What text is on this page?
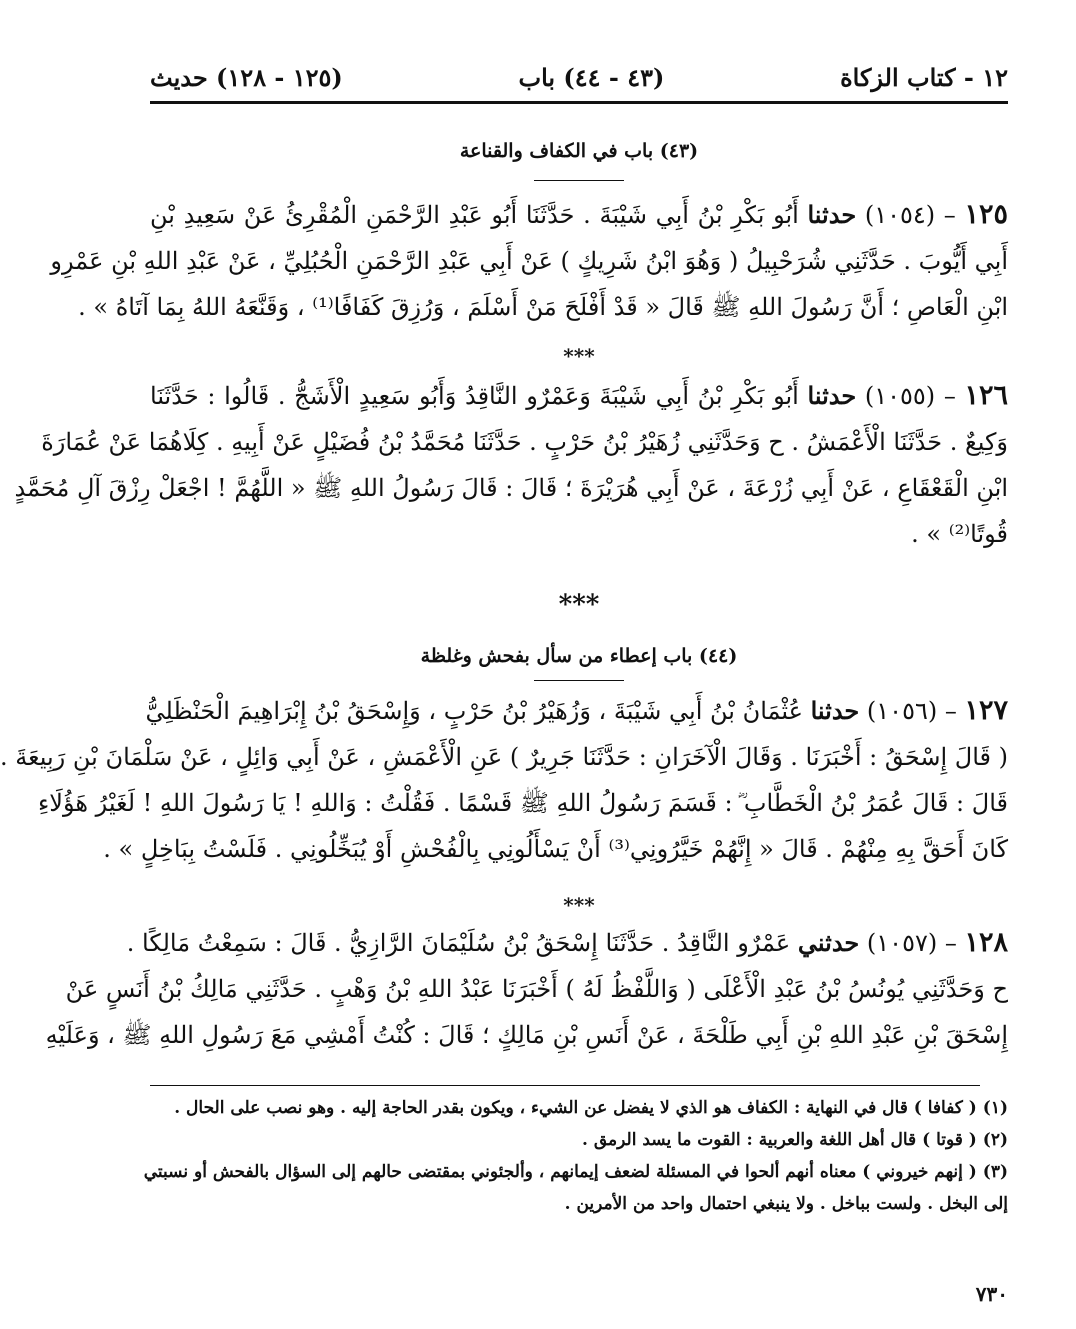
١٢ - كتاب الزكاة
(٤٣ - ٤٤) باب
(١٢٥ - ١٢٨) حديث
(٤٣) باب في الكفاف والقناعة
١٢٥ – (١٠٥٤) حدثنا أَبُو بَكْرِ بْنُ أَبِي شَيْبَةَ . حَدَّثَنَا أَبُو عَبْدِ الرَّحْمَنِ الْمُقْرِئُ عَنْ سَعِيدِ بْنِ
أَبِي أَيُّوبَ . حَدَّثَنِي شُرَحْبِيلُ ( وَهُوَ ابْنُ شَرِيكٍ ) عَنْ أَبِي عَبْدِ الرَّحْمَنِ الْحُبُلِيِّ ، عَنْ عَبْدِ اللهِ بْنِ عَمْرِو
ابْنِ الْعَاصِ ؛ أَنَّ رَسُولَ اللهِ ﷺ قَالَ « قَدْ أَفْلَحَ مَنْ أَسْلَمَ ، وَرُزِقَ كَفَافًا⁽¹⁾ ، وَقَنَّعَهُ اللهُ بِمَا آتَاهُ » .
***
١٢٦ – (١٠٥٥) حدثنا أَبُو بَكْرِ بْنُ أَبِي شَيْبَةَ وَعَمْرٌو النَّاقِدُ وَأَبُو سَعِيدٍ الْأَشَجُّ . قَالُوا : حَدَّثَنَا
وَكِيعٌ . حَدَّثَنَا الْأَعْمَشُ . ح وَحَدَّثَنِي زُهَيْرُ بْنُ حَرْبٍ . حَدَّثَنَا مُحَمَّدُ بْنُ فُضَيْلٍ عَنْ أَبِيهِ . كِلَاهُمَا عَنْ عُمَارَةَ
ابْنِ الْقَعْقَاعِ ، عَنْ أَبِي زُرْعَةَ ، عَنْ أَبِي هُرَيْرَةَ ؛ قَالَ : قَالَ رَسُولُ اللهِ ﷺ « اللَّهُمَّ ! اجْعَلْ رِزْقَ آلِ مُحَمَّدٍ
قُوتًا⁽²⁾ » .
***
(٤٤) باب إعطاء من سأل بفحش وغلظة
١٢٧ – (١٠٥٦) حدثنا عُثْمَانُ بْنُ أَبِي شَيْبَةَ ، وَزُهَيْرُ بْنُ حَرْبٍ ، وَإِسْحَقُ بْنُ إِبْرَاهِيمَ الْحَنْظَلِيُّ
( قَالَ إِسْحَقُ : أَخْبَرَنَا . وَقَالَ الْآخَرَانِ : حَدَّثَنَا جَرِيرٌ ) عَنِ الْأَعْمَشِ ، عَنْ أَبِي وَائِلٍ ، عَنْ سَلْمَانَ بْنِ رَبِيعَةَ .
قَالَ : قَالَ عُمَرُ بْنُ الْخَطَّابِ ؓ : قَسَمَ رَسُولُ اللهِ ﷺ قَسْمًا . فَقُلْتُ : وَاللهِ ! يَا رَسُولَ اللهِ ! لَغَيْرُ هَؤُلَاءِ
كَانَ أَحَقَّ بِهِ مِنْهُمْ . قَالَ « إِنَّهُمْ خَيَّرُونِي⁽³⁾ أَنْ يَسْأَلُونِي بِالْفُحْشِ أَوْ يُبَخِّلُونِي . فَلَسْتُ بِبَاخِلٍ » .
***
١٢٨ – (١٠٥٧) حدثني عَمْرٌو النَّاقِدُ . حَدَّثَنَا إِسْحَقُ بْنُ سُلَيْمَانَ الرَّازِيُّ . قَالَ : سَمِعْتُ مَالِكًا .
ح وَحَدَّثَنِي يُونُسُ بْنُ عَبْدِ الْأَعْلَى ( وَاللَّفْظُ لَهُ ) أَخْبَرَنَا عَبْدُ اللهِ بْنُ وَهْبٍ . حَدَّثَنِي مَالِكُ بْنُ أَنَسٍ عَنْ
إِسْحَقَ بْنِ عَبْدِ اللهِ بْنِ أَبِي طَلْحَةَ ، عَنْ أَنَسِ بْنِ مَالِكٍ ؛ قَالَ : كُنْتُ أَمْشِي مَعَ رَسُولِ اللهِ ﷺ ، وَعَلَيْهِ
(١) ( كفافا ) قال في النهاية : الكفاف هو الذي لا يفضل عن الشيء ، ويكون بقدر الحاجة إليه . وهو نصب على الحال .
(٢) ( قوتا ) قال أهل اللغة والعربية : القوت ما يسد الرمق .
(٣) ( إنهم خيروني ) معناه أنهم ألحوا في المسئلة لضعف إيمانهم ، وألجئوني بمقتضى حالهم إلى السؤال بالفحش أو نسبتي
إلى البخل . ولست بباخل . ولا ينبغي احتمال واحد من الأمرين .
٧٣٠
